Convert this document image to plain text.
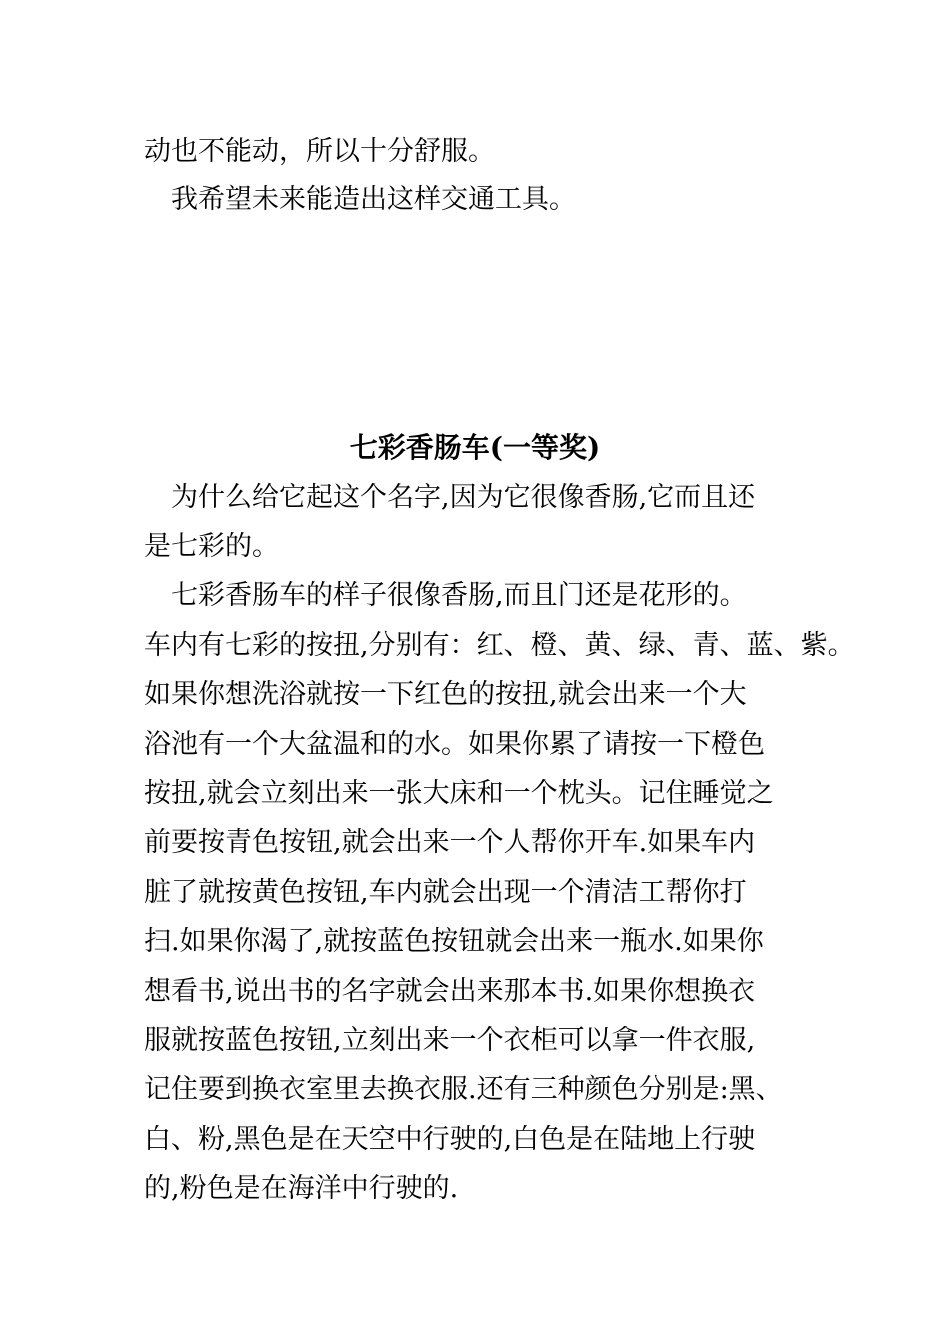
动也不能动，所以十分舒服。
　我希望未来能造出这样交通工具。
七彩香肠车(一等奖)
　为什么给它起这个名字,因为它很像香肠,它而且还
是七彩的。
　七彩香肠车的样子很像香肠,而且门还是花形的。
车内有七彩的按扭,分别有：红、橙、黄、绿、青、蓝、紫。
如果你想洗浴就按一下红色的按扭,就会出来一个大
浴池有一个大盆温和的水。如果你累了请按一下橙色
按扭,就会立刻出来一张大床和一个枕头。记住睡觉之
前要按青色按钮,就会出来一个人帮你开车.如果车内
脏了就按黄色按钮,车内就会出现一个清洁工帮你打
扫.如果你渴了,就按蓝色按钮就会出来一瓶水.如果你
想看书,说出书的名字就会出来那本书.如果你想换衣
服就按蓝色按钮,立刻出来一个衣柜可以拿一件衣服,
记住要到换衣室里去换衣服.还有三种颜色分别是:黑、
白、粉,黑色是在天空中行驶的,白色是在陆地上行驶
的,粉色是在海洋中行驶的.
